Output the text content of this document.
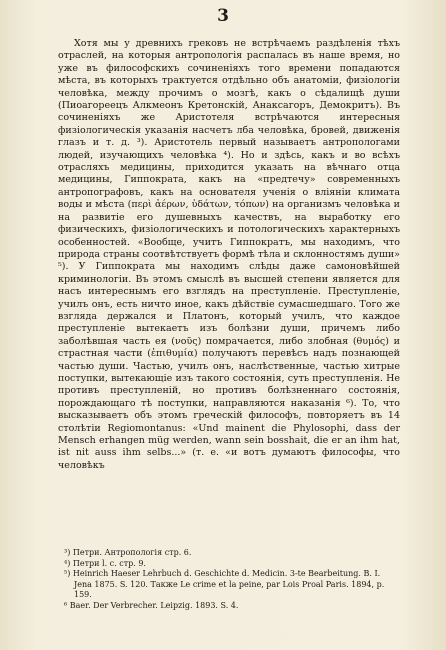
3

Хотя мы у древнихъ грековъ не встрѣчаемъ раздѣленія тѣхъ отраслей, на которыя антропологія распалась въ наше время, но уже въ философскихъ сочиненіяхъ того времени попадаются мѣста, въ которыхъ трактуется отдѣльно объ анатоміи, физіологіи человѣка, между прочимъ о мозгѣ, какъ о сѣдалищѣ души (Пиоагореецъ Алкмеонъ Кретонскій, Анаксагоръ, Демокритъ). Въ сочиненіяхъ же Аристотеля встрѣчаются интересныя физіологическія указанія насчетъ лба человѣка, бровей, движенія глазъ и т. д. ³). Аристотель первый называетъ антропологами людей, изучающихъ человѣка ⁴). Но и здѣсь, какъ и во всѣхъ отрасляхъ медицины, приходится указать на вѣчнаго отца медицины, Гиппократа, какъ на «предтечу» современныхъ антропографовъ, какъ на основателя ученія о вліяніи климата воды и мѣста (περὶ ἀέρων, ὑδάτων, τόπων) на организмъ человѣка и на развитіе его душевныхъ качествъ, на выработку его физическихъ, физіологическихъ и потологическихъ характерныхъ особенностей. «Вообще, учитъ Гиппократъ, мы находимъ, что природа страны соотвѣтствуетъ формѣ тѣла и склонностямъ души» ⁵). У Гиппократа мы находимъ слѣды даже самоновѣйшей криминологіи. Въ этомъ смыслѣ въ высшей степени является для насъ интереснымъ его взглядъ на преступленіе. Преступленіе, училъ онъ, есть ничто иное, какъ дѣйствіе сумасшедшаго. Того же взгляда держался и Платонъ, который училъ, что каждое преступленіе вытекаетъ изъ болѣзни души, причемъ либо заболѣвшая часть ея (νοῦς) помрачается, либо злобная (θυμός) и страстная части (ἐπιθυμία) получаютъ перевѣсъ надъ познающей частью души. Частью, училъ онъ, наслѣственные, частью хитрые поступки, вытекающіе изъ такого состоянія, суть преступленія. Не противъ преступленій, но противъ болѣзненнаго состоянія, порождающаго тѣ поступки, направляются наказанія ⁶). То, что высказываетъ объ этомъ греческій философъ, повторяетъ въ 14 столѣтіи Regiomontanus: «Und mainent die Phylosophi, dass der Mensch erhangen müg werden, wann sein bosshait, die er an ihm hat, ist nit auss ihm selbs...» (т. е. «и вотъ думаютъ философы, что человѣкъ

³) Петри. Антропологія стр. 6.

⁴) Петри l. c. стр. 9.

⁵) Heinrich Haeser Lehrbuch d. Geschichte d. Medicin. 3-te Bearbeitung. B. I. Jena 1875. S. 120. Также Le crime et la peine, par Lois Proal Paris. 1894, p. 159.

⁶ Baer. Der Verbrecher. Leipzig. 1893. S. 4.
